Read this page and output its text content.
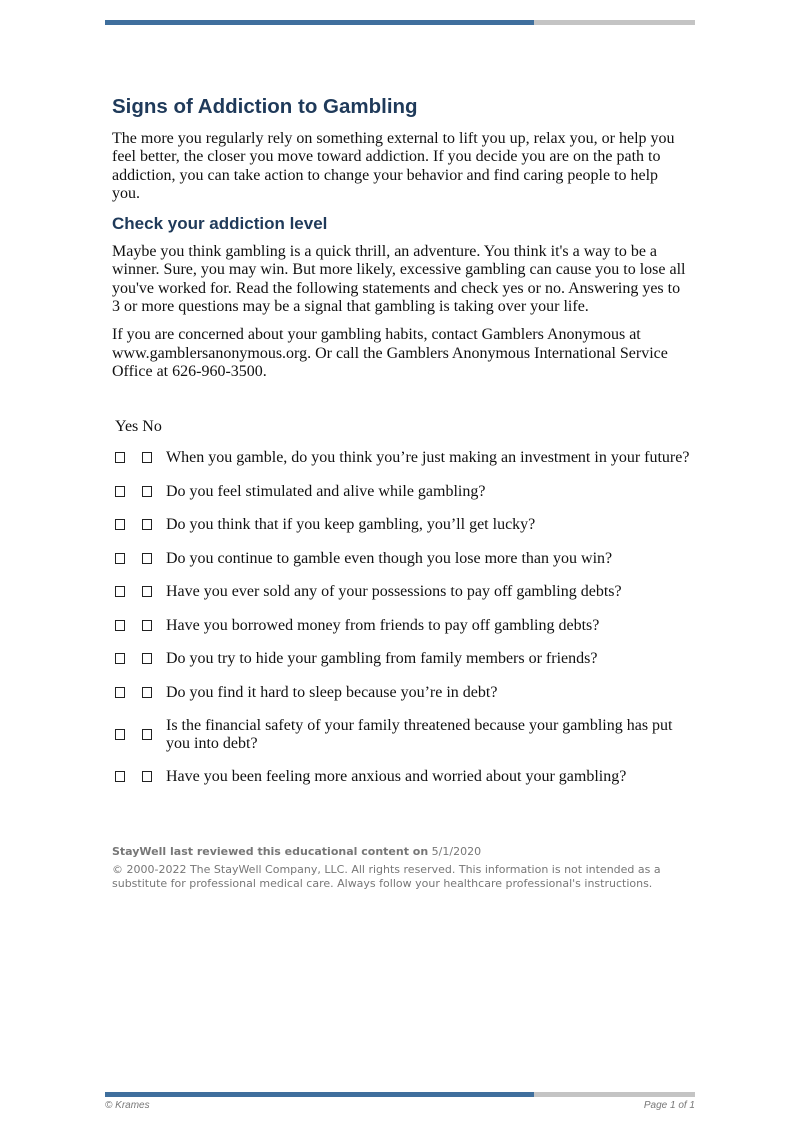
Signs of Addiction to Gambling

The more you regularly rely on something external to lift you up, relax you, or help you feel better, the closer you move toward addiction. If you decide you are on the path to addiction, you can take action to change your behavior and find caring people to help you.

Check your addiction level

Maybe you think gambling is a quick thrill, an adventure. You think it's a way to be a winner. Sure, you may win. But more likely, excessive gambling can cause you to lose all you've worked for. Read the following statements and check yes or no. Answering yes to 3 or more questions may be a signal that gambling is taking over your life.

If you are concerned about your gambling habits, contact Gamblers Anonymous at www.gamblersanonymous.org. Or call the Gamblers Anonymous International Service Office at 626-960-3500.

Yes No
When you gamble, do you think you’re just making an investment in your future?
Do you feel stimulated and alive while gambling?
Do you think that if you keep gambling, you’ll get lucky?
Do you continue to gamble even though you lose more than you win?
Have you ever sold any of your possessions to pay off gambling debts?
Have you borrowed money from friends to pay off gambling debts?
Do you try to hide your gambling from family members or friends?
Do you find it hard to sleep because you’re in debt?
Is the financial safety of your family threatened because your gambling has put you into debt?
Have you been feeling more anxious and worried about your gambling?
StayWell last reviewed this educational content on 5/1/2020
© 2000-2022 The StayWell Company, LLC. All rights reserved. This information is not intended as a substitute for professional medical care. Always follow your healthcare professional's instructions.
© Krames	Page 1 of 1
